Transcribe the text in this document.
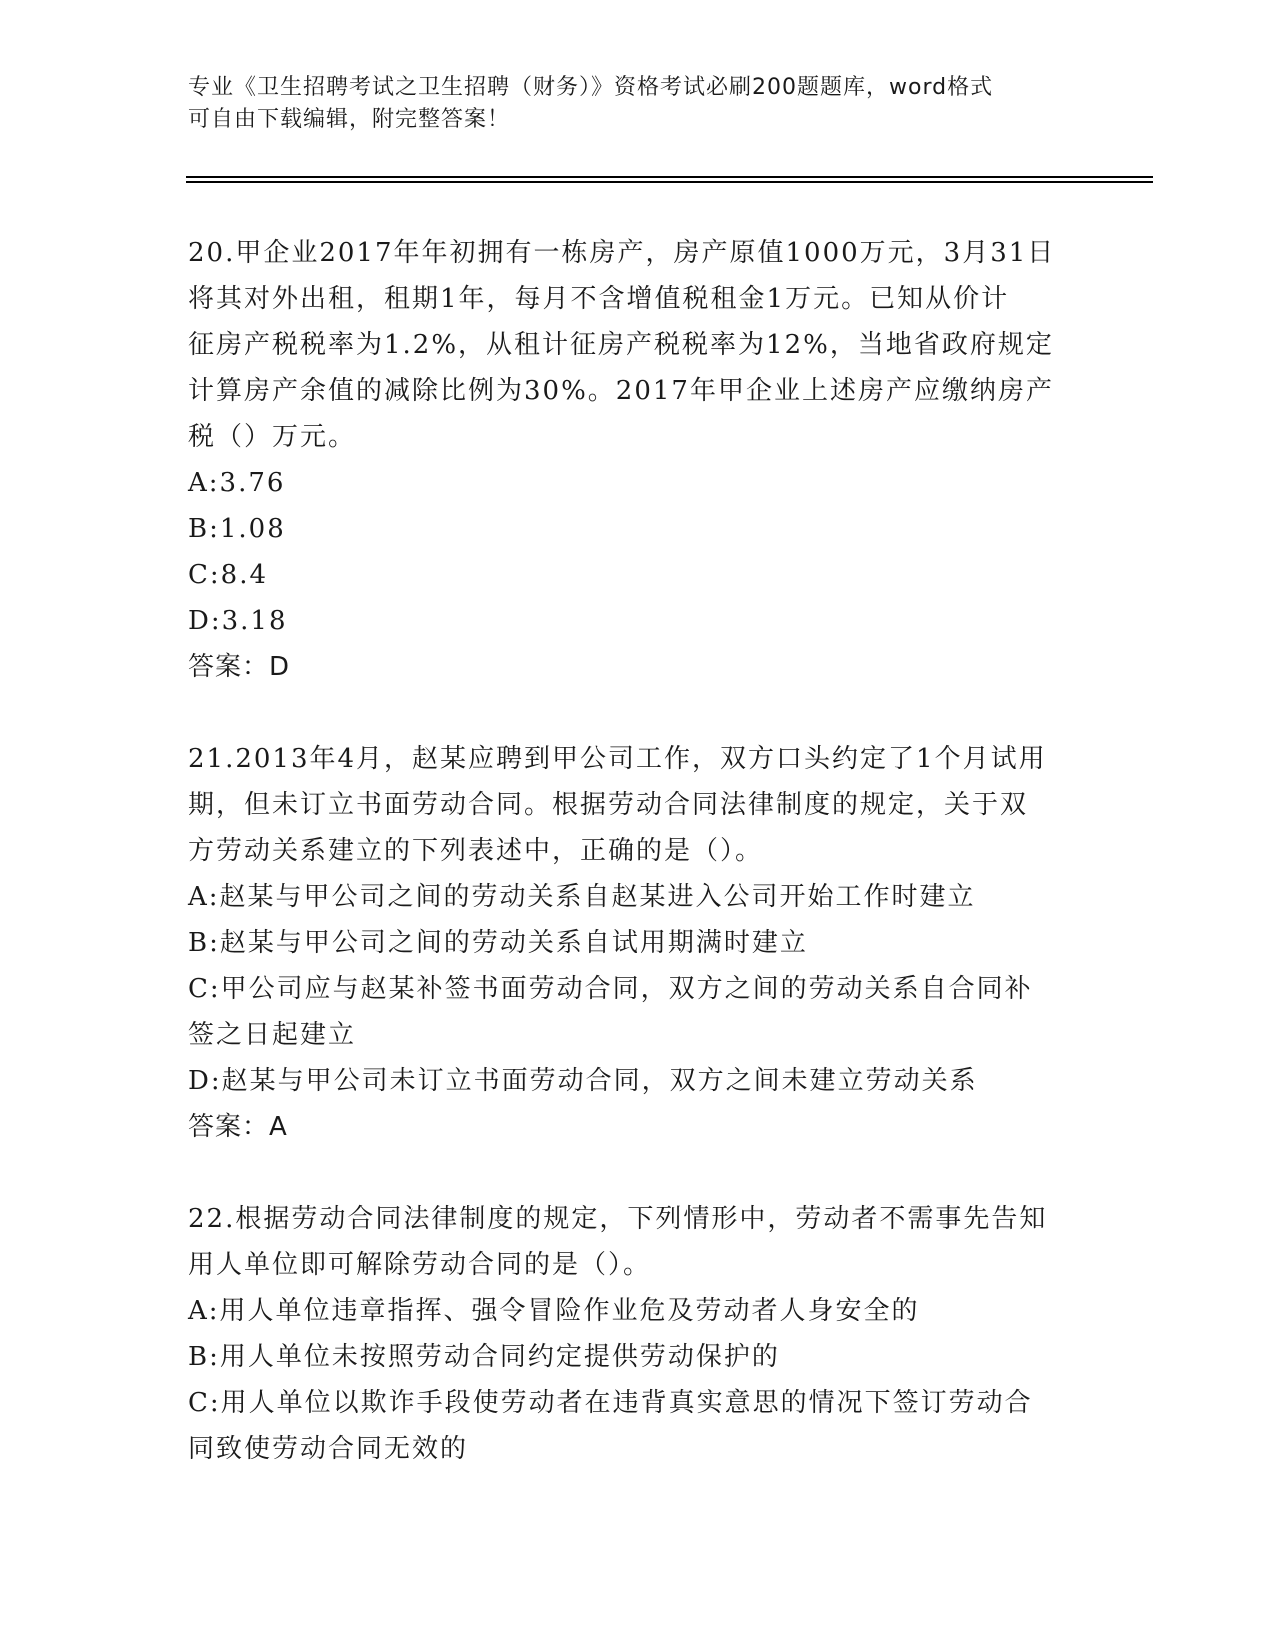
专业《卫生招聘考试之卫生招聘（财务）》资格考试必刷200题题库，word格式
可自由下载编辑，附完整答案！
20.甲企业2017年年初拥有一栋房产，房产原值1000万元，3月31日
将其对外出租，租期1年，每月不含增值税租金1万元。已知从价计
征房产税税率为1.2%，从租计征房产税税率为12%，当地省政府规定
计算房产余值的减除比例为30%。2017年甲企业上述房产应缴纳房产
税（）万元。
A:3.76
B:1.08
C:8.4
D:3.18
答案：D
21.2013年4月，赵某应聘到甲公司工作，双方口头约定了1个月试用
期，但未订立书面劳动合同。根据劳动合同法律制度的规定，关于双
方劳动关系建立的下列表述中，正确的是（）。
A:赵某与甲公司之间的劳动关系自赵某进入公司开始工作时建立
B:赵某与甲公司之间的劳动关系自试用期满时建立
C:甲公司应与赵某补签书面劳动合同，双方之间的劳动关系自合同补
签之日起建立
D:赵某与甲公司未订立书面劳动合同，双方之间未建立劳动关系
答案：A
22.根据劳动合同法律制度的规定，下列情形中，劳动者不需事先告知
用人单位即可解除劳动合同的是（）。
A:用人单位违章指挥、强令冒险作业危及劳动者人身安全的
B:用人单位未按照劳动合同约定提供劳动保护的
C:用人单位以欺诈手段使劳动者在违背真实意思的情况下签订劳动合
同致使劳动合同无效的
